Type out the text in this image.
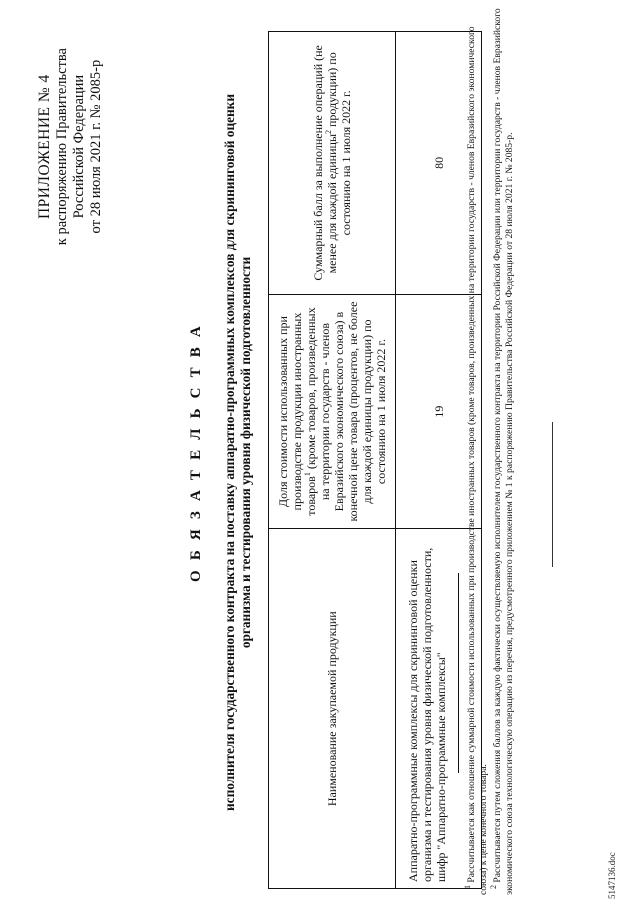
ПРИЛОЖЕНИЕ № 4 к распоряжению Правительства Российской Федерации от 28 июля 2021 г. № 2085-р
О Б Я З А Т Е Л Ь С Т В А исполнителя государственного контракта на поставку аппаратно-программных комплексов для скрининговой оценки организма и тестирования уровня физической подготовленности
Наименование закупаемой продукции	Доля стоимости использованных при производстве продукции иностранных товаров$^1$ (кроме товаров, произведенных на территории государств - членов Евразийского экономического союза) в конечной цене товара (процентов, не более для каждой единицы продукции) по состоянию на 1 июля 2022 г.	Суммарный балл за выполнение операций (не менее для каждой единицы$^2$ продукции) по состоянию на 1 июля 2022 г.
Аппаратно-программные комплексы для скрининговой оценки организма и тестирования уровня физической подготовленности, шифр "Аппаратно-программные комплексы"	19	80

$^1$ Рассчитывается как отношение суммарной стоимости использованных при производстве иностранных товаров (кроме товаров, произведенных на территории государств - членов Евразийского экономического союза) к цене конечного товара. $^2$ Рассчитывается путем сложения баллов за каждую фактически осуществляемую исполнителем государственного контракта на территории Российской Федерации или территории государств - членов Евразийского экономического союза технологическую операцию из перечня, предусмотренного приложением № 1 к распоряжению Правительства Российской Федерации от 28 июля 2021 г. № 2085-р.	5147136.doc
